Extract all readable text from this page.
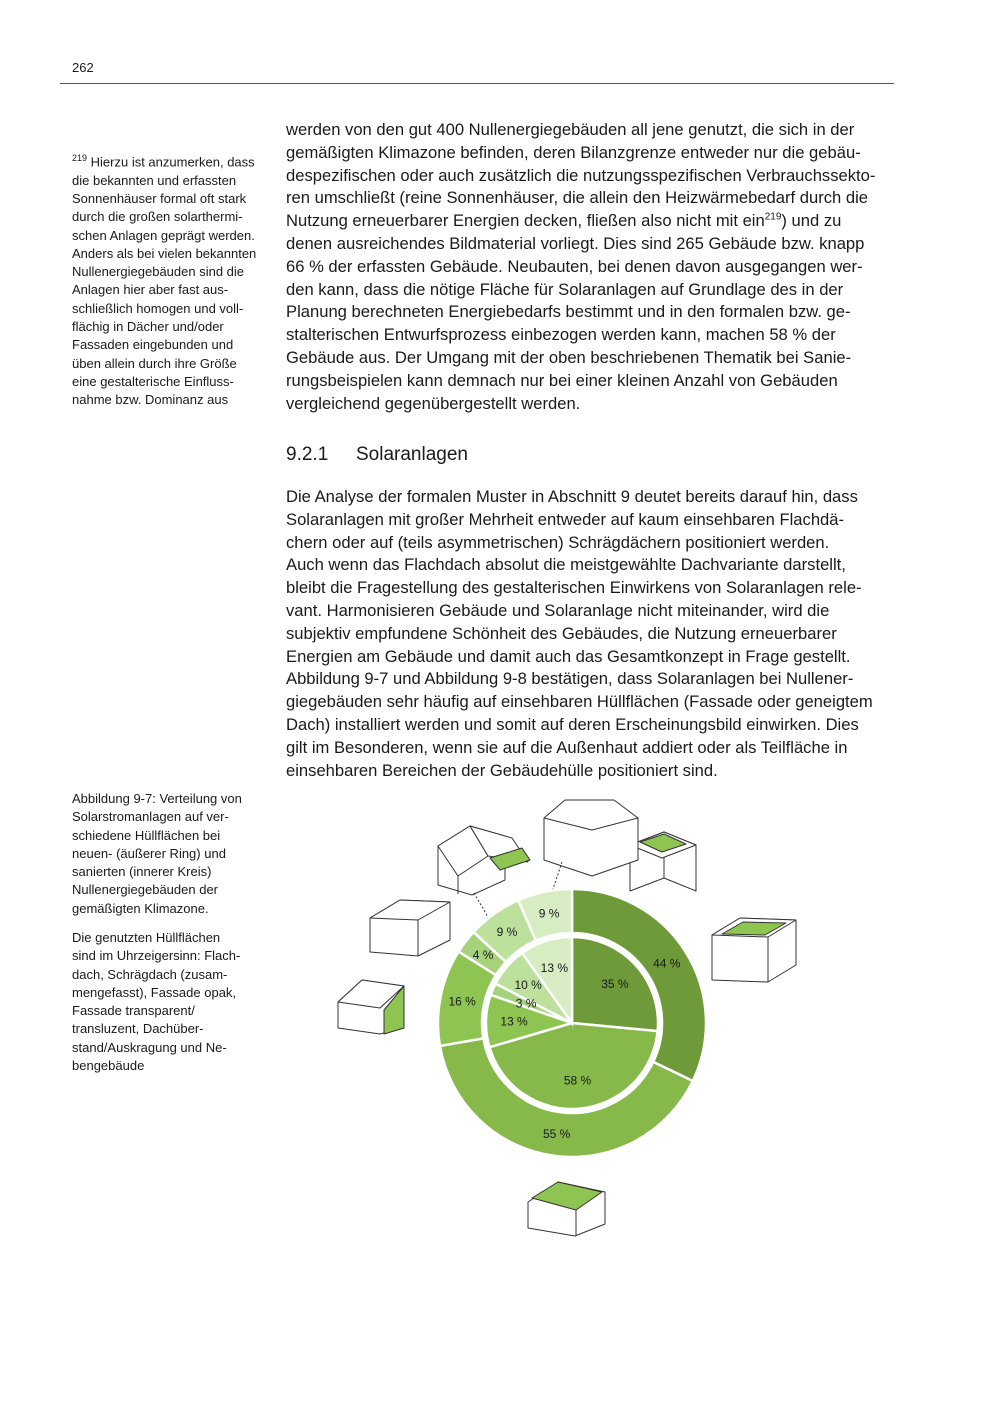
262
$^{219}$ Hierzu ist anzumerken, dass
die bekannten und erfassten
Sonnenhäuser formal oft stark
durch die großen solarthermi-
schen Anlagen geprägt werden.
Anders als bei vielen bekannten
Nullenergiegebäuden sind die
Anlagen hier aber fast aus-
schließlich homogen und voll-
flächig in Dächer und/oder
Fassaden eingebunden und
üben allein durch ihre Größe
eine gestalterische Einfluss-
nahme bzw. Dominanz aus
werden von den gut 400 Nullenergiegebäuden all jene genutzt, die sich in der
gemäßigten Klimazone befinden, deren Bilanzgrenze entweder nur die gebäu-
despezifischen oder auch zusätzlich die nutzungsspezifischen Verbrauchssekto-
ren umschließt (reine Sonnenhäuser, die allein den Heizwärmebedarf durch die
Nutzung erneuerbarer Energien decken, fließen also nicht mit ein$^{219}$) und zu
denen ausreichendes Bildmaterial vorliegt. Dies sind 265 Gebäude bzw. knapp
66 % der erfassten Gebäude. Neubauten, bei denen davon ausgegangen wer-
den kann, dass die nötige Fläche für Solaranlagen auf Grundlage des in der
Planung berechneten Energiebedarfs bestimmt und in den formalen bzw. ge-
stalterischen Entwurfsprozess einbezogen werden kann, machen 58 % der
Gebäude aus. Der Umgang mit der oben beschriebenen Thematik bei Sanie-
rungsbeispielen kann demnach nur bei einer kleinen Anzahl von Gebäuden
vergleichend gegenübergestellt werden.
9.2.1 Solaranlagen
Die Analyse der formalen Muster in Abschnitt 9 deutet bereits darauf hin, dass
Solaranlagen mit großer Mehrheit entweder auf kaum einsehbaren Flachdä-
chern oder auf (teils asymmetrischen) Schrägdächern positioniert werden.
Auch wenn das Flachdach absolut die meistgewählte Dachvariante darstellt,
bleibt die Fragestellung des gestalterischen Einwirkens von Solaranlagen rele-
vant. Harmonisieren Gebäude und Solaranlage nicht miteinander, wird die
subjektiv empfundene Schönheit des Gebäudes, die Nutzung erneuerbarer
Energien am Gebäude und damit auch das Gesamtkonzept in Frage gestellt.
Abbildung 9-7 und Abbildung 9-8 bestätigen, dass Solaranlagen bei Nullener-
giegebäuden sehr häufig auf einsehbaren Hüllflächen (Fassade oder geneigtem
Dach) installiert werden und somit auf deren Erscheinungsbild einwirken. Dies
gilt im Besonderen, wenn sie auf die Außenhaut addiert oder als Teilfläche in
einsehbaren Bereichen der Gebäudehülle positioniert sind.
Abbildung 9-7: Verteilung von
Solarstromanlagen auf ver-
schiedene Hüllflächen bei
neuen- (äußerer Ring) und
sanierten (innerer Kreis)
Nullenergiegebäuden der
gemäßigten Klimazone.
Die genutzten Hüllflächen
sind im Uhrzeigersinn: Flach-
dach, Schrägdach (zusam-
mengefasst), Fassade opak,
Fassade transparent/
transluzent, Dachüber-
stand/Auskragung und Ne-
bengebäude
44 %
55 %
16 %
4 %
9 %
9 %
35 %
58 %
13 %
3 %
10 %
13 %
